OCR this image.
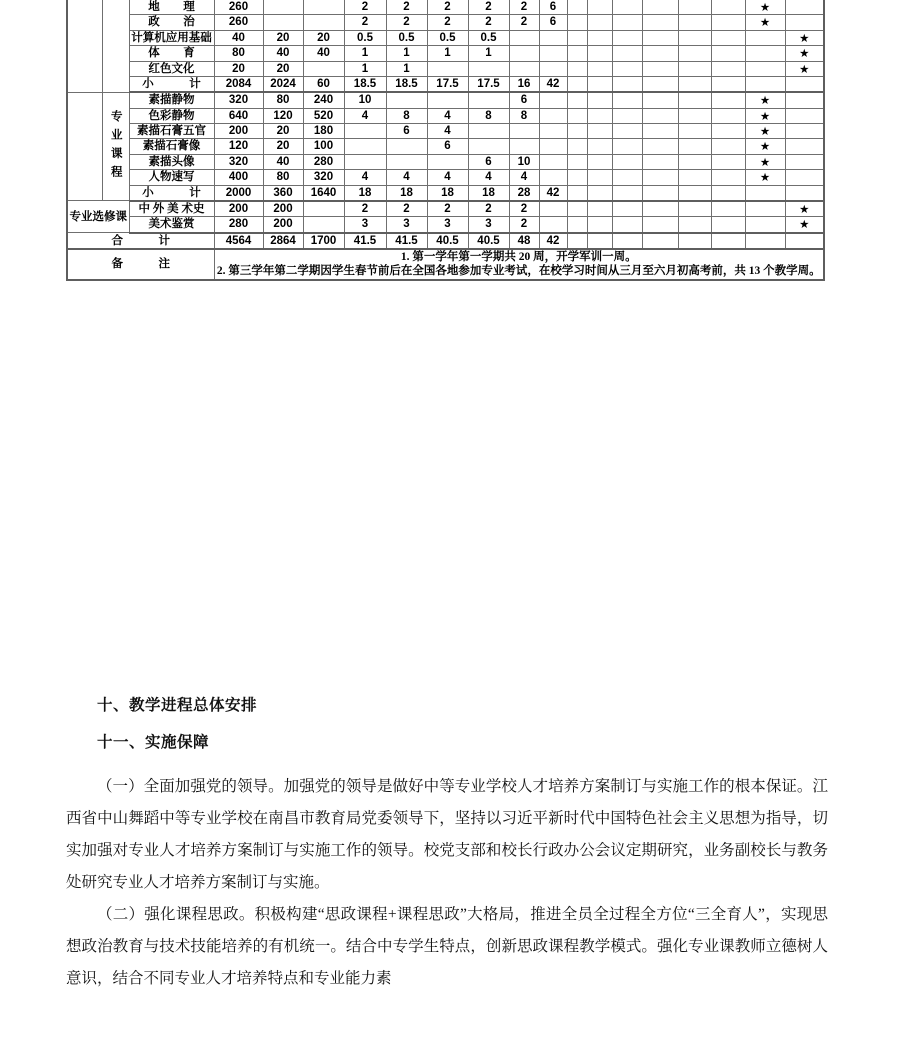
		地　理	260			2	2	2	2	2	6							★	
		政　治	260			2	2	2	2	2	6							★	
		计算机应用基础	40	20	20	0.5	0.5	0.5	0.5										★
		体　育	80	40	40	1	1	1	1										★
		红色文化	20	20		1	1												★
		小　计	2084	2024	60	18.5	18.5	17.5	17.5	16	42								
	专业课程	素描静物	320	80	240	10				6								★	
		色彩静物	640	120	520	4	8	4	8	8								★	
		素描石膏五官	200	20	180		6	4										★	
		素描石膏像	120	20	100			6										★	
		素描头像	320	40	280				6	10								★	
		人物速写	400	80	320	4	4	4	4	4								★	
		小　计	2000	360	1640	18	18	18	18	28	42								
专业选修课		中 外 美 术史	200	200		2	2	2	2	2									★
		美术鉴赏	280	200		3	3	3	3	2									★
合　计			4564	2864	1700	41.5	41.5	40.5	40.5	48	42								
备　注			1. 第一学年第一学期共 20 周，开学军训一周。

2. 第三学年第二学期因学生春节前后在全国各地参加专业考试，在校学习时间从三月至六月初高考前，共 13 个教学周。																

十、教学进程总体安排
十一、实施保障

（一）全面加强党的领导。加强党的领导是做好中等专业学校人才培养方案制订与实施工作的根本保证。江西省中山舞蹈中等专业学校在南昌市教育局党委领导下，坚持以习近平新时代中国特色社会主义思想为指导，切实加强对专业人才培养方案制订与实施工作的领导。校党支部和校长行政办公会议定期研究，业务副校长与教务处研究专业人才培养方案制订与实施。

（二）强化课程思政。积极构建“思政课程+课程思政”大格局，推进全员全过程全方位“三全育人”，实现思想政治教育与技术技能培养的有机统一。结合中专学生特点，创新思政课程教学模式。强化专业课教师立德树人意识，结合不同专业人才培养特点和专业能力素
